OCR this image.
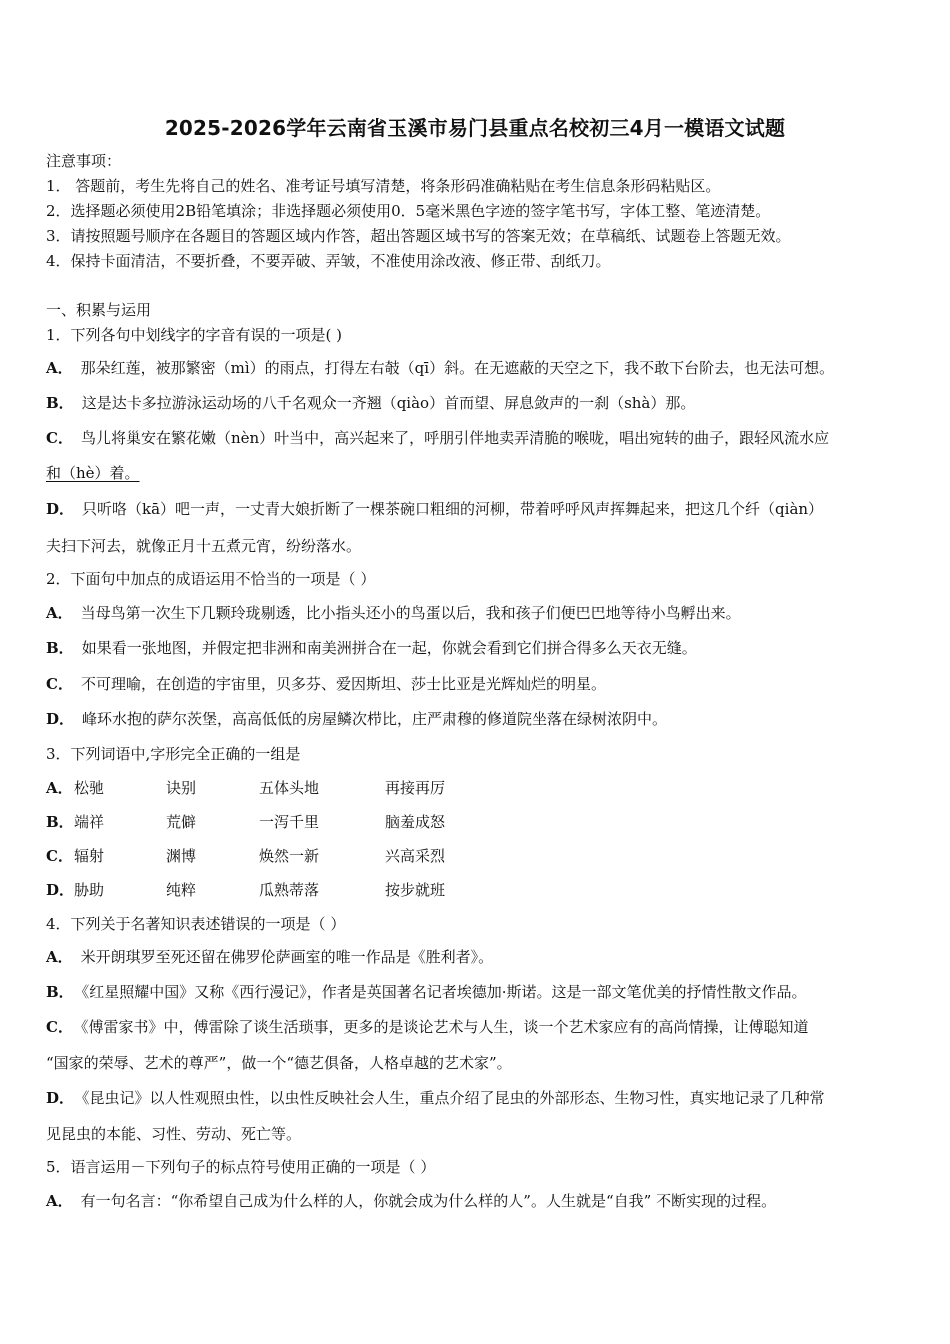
2025-2026学年云南省玉溪市易门县重点名校初三4月一模语文试题
注意事项：
1． 答题前，考生先将自己的姓名、准考证号填写清楚，将条形码准确粘贴在考生信息条形码粘贴区。
2．选择题必须使用2B铅笔填涂；非选择题必须使用0．5毫米黑色字迹的签字笔书写，字体工整、笔迹清楚。
3．请按照题号顺序在各题目的答题区域内作答，超出答题区域书写的答案无效；在草稿纸、试题卷上答题无效。
4．保持卡面清洁，不要折叠，不要弄破、弄皱，不准使用涂改液、修正带、刮纸刀。
一、积累与运用
1．下列各句中划线字的字音有误的一项是( )
A． 那朵红莲，被那繁密（mì）的雨点，打得左右攲（qī）斜。在无遮蔽的天空之下，我不敢下台阶去，也无法可想。
B． 这是达卡多拉游泳运动场的八千名观众一齐翘（qiào）首而望、屏息敛声的一刹（shà）那。
C． 鸟儿将巢安在繁花嫩（nèn）叶当中，高兴起来了，呼朋引伴地卖弄清脆的喉咙，唱出宛转的曲子，跟轻风流水应
和（hè）着。
D． 只听咯（kā）吧一声，一丈青大娘折断了一棵茶碗口粗细的河柳，带着呼呼风声挥舞起来，把这几个纤（qiàn）
夫扫下河去，就像正月十五煮元宵，纷纷落水。
2．下面句中加点的成语运用不恰当的一项是（ ）
A． 当母鸟第一次生下几颗玲珑剔透，比小指头还小的鸟蛋以后，我和孩子们便巴巴地等待小鸟孵出来。
B． 如果看一张地图，并假定把非洲和南美洲拼合在一起，你就会看到它们拼合得多么天衣无缝。
C． 不可理喻，在创造的宇宙里，贝多芬、爱因斯坦、莎士比亚是光辉灿烂的明星。
D． 峰环水抱的萨尔茨堡，高高低低的房屋鳞次栉比，庄严肃穆的修道院坐落在绿树浓阴中。
3．下列词语中,字形完全正确的一组是
A． 松驰	诀别	五体头地	再接再厉
B． 端祥	荒僻	一泻千里	脑羞成怒
C． 辐射	渊博	焕然一新	兴高采烈
D． 胁助	纯粹	瓜熟蒂落	按步就班
4．下列关于名著知识表述错误的一项是（ ）
A． 米开朗琪罗至死还留在佛罗伦萨画室的唯一作品是《胜利者》。
B． 《红星照耀中国》又称《西行漫记》，作者是英国著名记者埃德加·斯诺。这是一部文笔优美的抒情性散文作品。
C． 《傅雷家书》中，傅雷除了谈生活琐事，更多的是谈论艺术与人生，谈一个艺术家应有的高尚情操，让傅聪知道
“国家的荣辱、艺术的尊严”，做一个“德艺俱备，人格卓越的艺术家”。
D． 《昆虫记》以人性观照虫性，以虫性反映社会人生，重点介绍了昆虫的外部形态、生物习性，真实地记录了几种常
见昆虫的本能、习性、劳动、死亡等。
5．语言运用－下列句子的标点符号使用正确的一项是（ ）
A． 有一句名言：“你希望自己成为什么样的人，你就会成为什么样的人”。人生就是“自我” 不断实现的过程。
